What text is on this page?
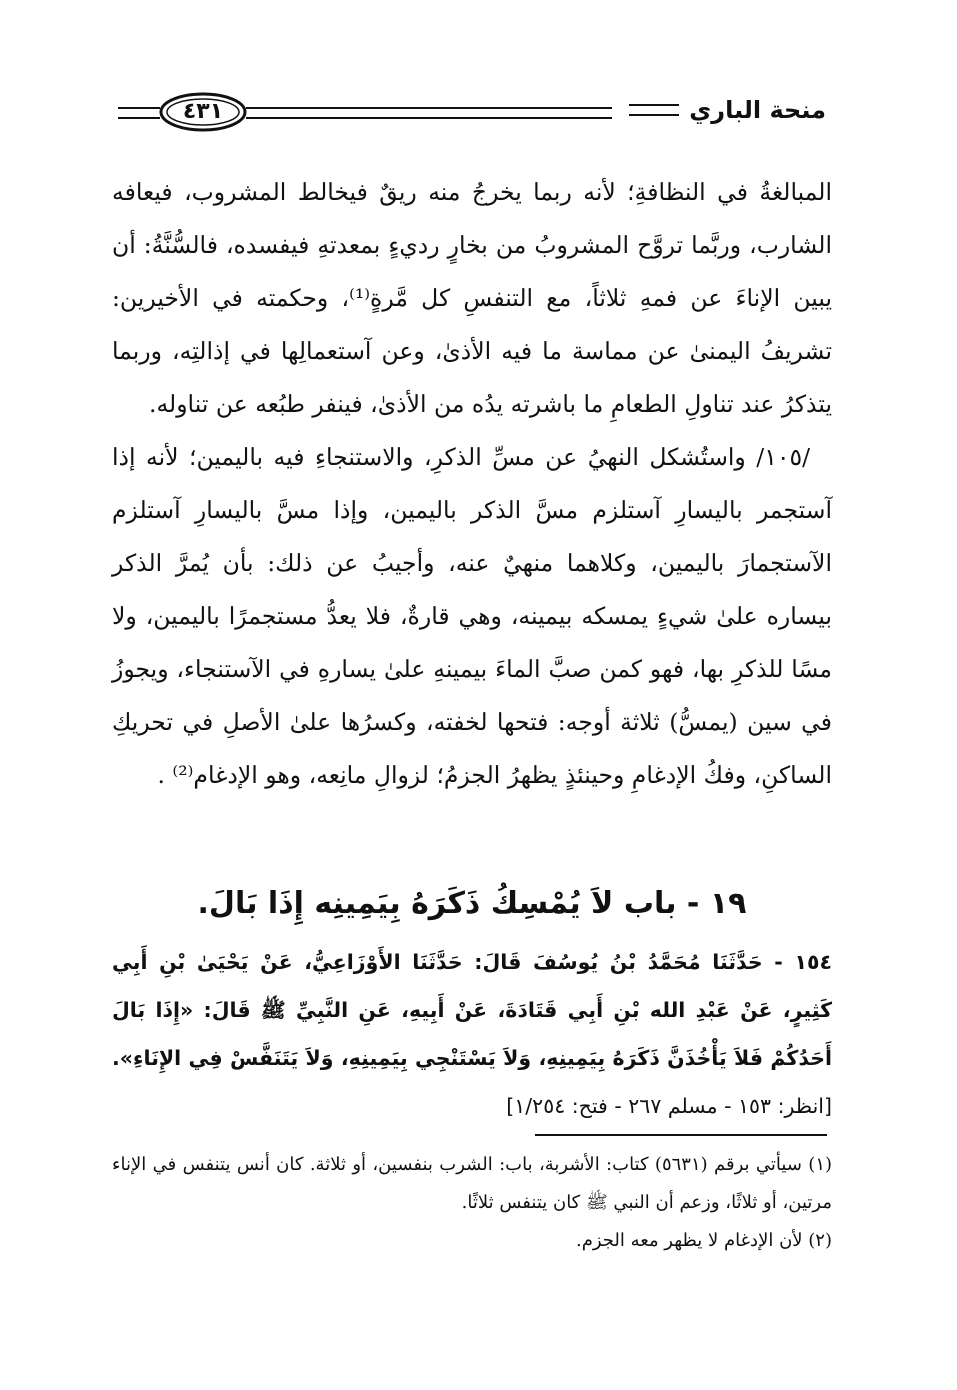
منحة الباري
٤٣١

المبالغةُ في النظافةِ؛ لأنه ربما يخرجُ منه ريقٌ فيخالط المشروب، فيعافه الشارب، وربَّما تروَّح المشروبُ من بخارٍ رديءٍ بمعدتهِ فيفسده، فالسُّنَّةُ: أن يبين الإناءَ عن فمهِ ثلاثاً، مع التنفسِ كل مَّرةٍ⁽¹⁾، وحكمته في الأخيرين: تشريفُ اليمنىٰ عن مماسة ما فيه الأذىٰ، وعن آستعمالِها في إذالتِه، وربما يتذكرُ عند تناولِ الطعامِ ما باشرته يدُه من الأذىٰ، فينفر طبُعه عن تناوله.

/١٠٥/ واستُشكل النهيُ عن مسِّ الذكرِ، والاستنجاءِ فيه باليمين؛ لأنه إذا آستجمر باليسارِ آستلزم مسَّ الذكر باليمين، وإذا مسَّ باليسارِ آستلزم الآستجمارَ باليمين، وكلاهما منهيٌ عنه، وأجيبُ عن ذلك: بأن يُمرَّ الذكر بيساره علىٰ شيءٍ يمسكه بيمينه، وهي قارةٌ، فلا يعدُّ مستجمرًا باليمين، ولا مسًا للذكرِ بها، فهو كمن صبَّ الماءَ بيمينهِ علىٰ يسارهِ في الآستنجاء، ويجوزُ في سين (يمسُّ) ثلاثة أوجه: فتحها لخفته، وكسرُها علىٰ الأصلِ في تحريكِ الساكنِ، وفكُ الإدغامِ وحينئذٍ يظهرُ الجزمُ؛ لزوالِ مانِعه، وهو الإدغام⁽²⁾ .

١٩ - باب لاَ يُمْسِكُ ذَكَرَهُ بِيَمِينِه إِذَا بَالَ.
١٥٤ - حَدَّثَنَا مُحَمَّدُ بْنُ يُوسُفَ قَالَ: حَدَّثَنَا الأَوْزَاعِيُّ، عَنْ يَحْيَىٰ بْنِ أَبِي كَثِيرٍ، عَنْ عَبْدِ الله بْنِ أَبِي قَتَادَةَ، عَنْ أَبِيهِ، عَنِ النَّبِيِّ ﷺ قَالَ: «إِذَا بَالَ أَحَدُكُمْ فَلاَ يَأْخُذَنَّ ذَكَرَهُ بِيَمِينِهِ، وَلاَ يَسْتَنْجِي بِيَمِينِهِ، وَلاَ يَتَنَفَّسْ فِي الإِنَاءِ». [انظر: ١٥٣ - مسلم ٢٦٧ - فتح: ١/٢٥٤]

(١) سيأتي برقم (٥٦٣١) كتاب: الأشربة، باب: الشرب بنفسين، أو ثلاثة. كان أنس يتنفس في الإناء مرتين، أو ثلاثًا، وزعم أن النبي ﷺ كان يتنفس ثلاثًا.

(٢) لأن الإدغام لا يظهر معه الجزم.
